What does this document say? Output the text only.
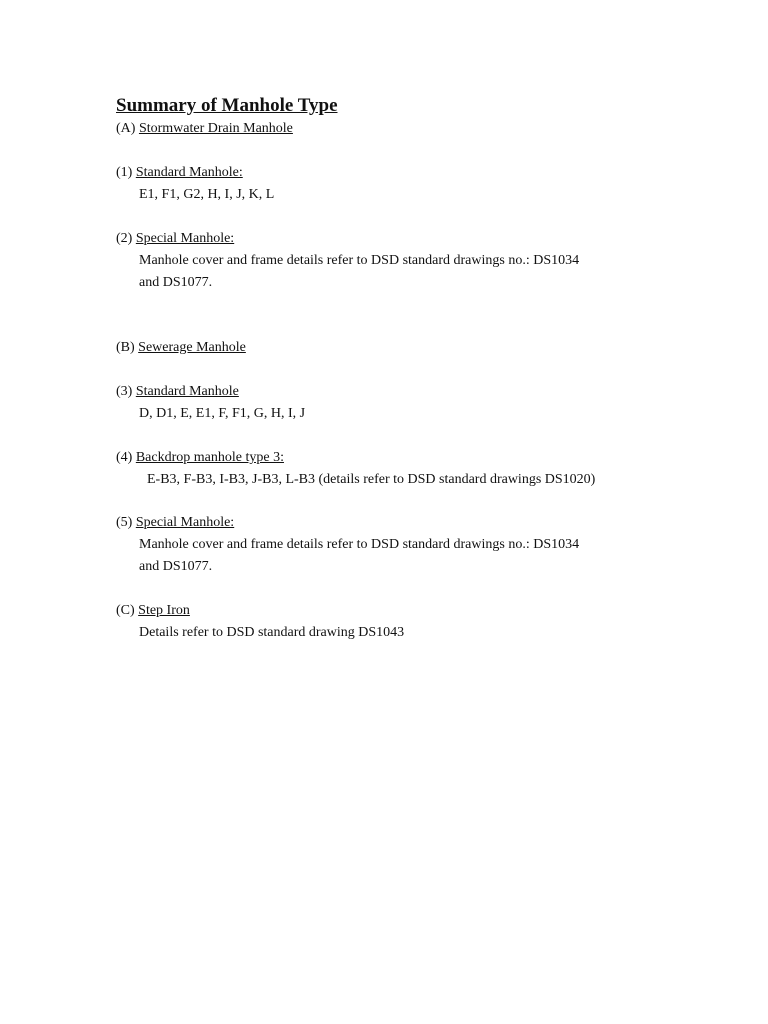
Summary of Manhole Type
(A) Stormwater Drain Manhole
(1) Standard Manhole:
E1, F1, G2, H, I, J, K, L
(2) Special Manhole:
Manhole cover and frame details refer to DSD standard drawings no.: DS1034
and DS1077.
(B) Sewerage Manhole
(3) Standard Manhole
D, D1, E, E1, F, F1, G, H, I, J
(4) Backdrop manhole type 3:
E-B3, F-B3, I-B3, J-B3, L-B3 (details refer to DSD standard drawings DS1020)
(5) Special Manhole:
Manhole cover and frame details refer to DSD standard drawings no.: DS1034
and DS1077.
(C) Step Iron
Details refer to DSD standard drawing DS1043
